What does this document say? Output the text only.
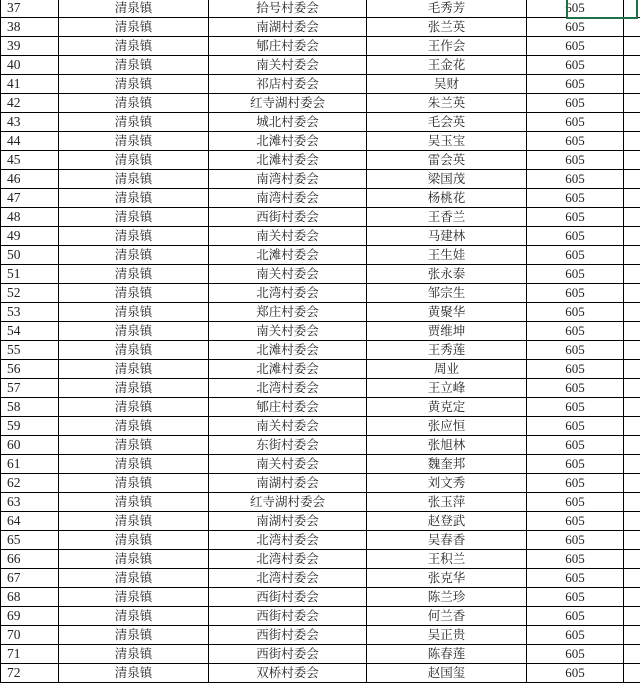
37	清泉镇	拾号村委会	毛秀芳	605	
38	清泉镇	南湖村委会	张兰英	605	
39	清泉镇	郇庄村委会	王作会	605	
40	清泉镇	南关村委会	王金花	605	
41	清泉镇	祁店村委会	吴财	605	
42	清泉镇	红寺湖村委会	朱兰英	605	
43	清泉镇	城北村委会	毛会英	605	
44	清泉镇	北滩村委会	吴玉宝	605	
45	清泉镇	北滩村委会	雷会英	605	
46	清泉镇	南湾村委会	梁国茂	605	
47	清泉镇	南湾村委会	杨桃花	605	
48	清泉镇	西街村委会	王香兰	605	
49	清泉镇	南关村委会	马建林	605	
50	清泉镇	北滩村委会	王生娃	605	
51	清泉镇	南关村委会	张永泰	605	
52	清泉镇	北湾村委会	邹宗生	605	
53	清泉镇	郑庄村委会	黄聚华	605	
54	清泉镇	南关村委会	贾维坤	605	
55	清泉镇	北滩村委会	王秀莲	605	
56	清泉镇	北滩村委会	周业	605	
57	清泉镇	北湾村委会	王立峰	605	
58	清泉镇	郇庄村委会	黄克定	605	
59	清泉镇	南关村委会	张应恒	605	
60	清泉镇	东街村委会	张旭林	605	
61	清泉镇	南关村委会	魏奎邦	605	
62	清泉镇	南湖村委会	刘文秀	605	
63	清泉镇	红寺湖村委会	张玉萍	605	
64	清泉镇	南湖村委会	赵登武	605	
65	清泉镇	北湾村委会	吴春香	605	
66	清泉镇	北湾村委会	王积兰	605	
67	清泉镇	北湾村委会	张克华	605	
68	清泉镇	西街村委会	陈兰珍	605	
69	清泉镇	西街村委会	何兰香	605	
70	清泉镇	西街村委会	吴正贵	605	
71	清泉镇	西街村委会	陈春莲	605	
72	清泉镇	双桥村委会	赵国玺	605	
